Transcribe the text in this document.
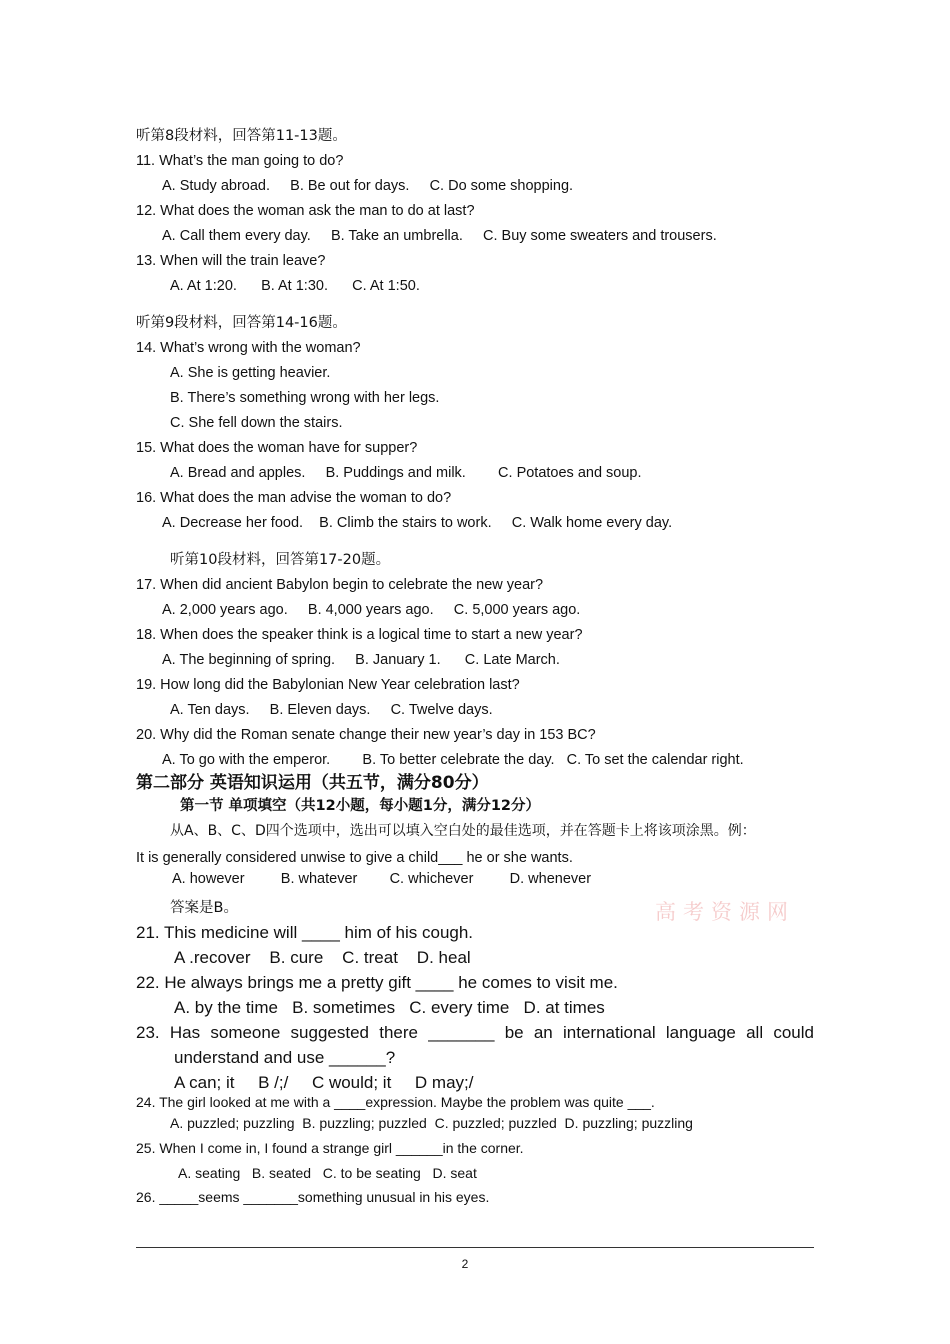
听第8段材料，回答第11-13题。
11. What’s the man going to do?
A. Study abroad.     B. Be out for days.     C. Do some shopping.
12. What does the woman ask the man to do at last?
A. Call them every day.     B. Take an umbrella.     C. Buy some sweaters and trousers.
13. When will the train leave?
A. At 1:20.      B. At 1:30.      C. At 1:50.
听第9段材料，回答第14-16题。
14. What’s wrong with the woman?
A. She is getting heavier.
B. There’s something wrong with her legs.
C. She fell down the stairs.
15. What does the woman have for supper?
A. Bread and apples.     B. Puddings and milk.        C. Potatoes and soup.
16. What does the man advise the woman to do?
A. Decrease her food.    B. Climb the stairs to work.     C. Walk home every day.
听第10段材料，回答第17-20题。
17. When did ancient Babylon begin to celebrate the new year?
A. 2,000 years ago.     B. 4,000 years ago.     C. 5,000 years ago.
18. When does the speaker think is a logical time to start a new year?
A. The beginning of spring.     B. January 1.      C. Late March.
19. How long did the Babylonian New Year celebration last?
A. Ten days.     B. Eleven days.     C. Twelve days.
20. Why did the Roman senate change their new year’s day in 153 BC?
A. To go with the emperor.        B. To better celebrate the day.   C. To set the calendar right.
第二部分 英语知识运用（共五节，满分80分）
第一节 单项填空（共12小题，每小题1分，满分12分）
从A、B、C、D四个选项中，选出可以填入空白处的最佳选项，并在答题卡上将该项涂黑。例：
It is generally considered unwise to give a child___ he or she wants.
A. however         B. whatever        C. whichever         D. whenever
答案是B。	高考资源网
21. This medicine will ____ him of his cough.
A .recover    B. cure    C. treat    D. heal
22. He always brings me a pretty gift ____ he comes to visit me.
A. by the time   B. sometimes   C. every time   D. at times
23. Has someone suggested there _______ be an international language all could
understand and use ______?
A can; it     B /;/     C would; it     D may;/
24. The girl looked at me with a ____expression. Maybe the problem was quite ___.
A. puzzled; puzzling  B. puzzling; puzzled  C. puzzled; puzzled  D. puzzling; puzzling
25. When I come in, I found a strange girl ______in the corner.
A. seating   B. seated   C. to be seating   D. seat
26. _____seems _______something unusual in his eyes.
2
